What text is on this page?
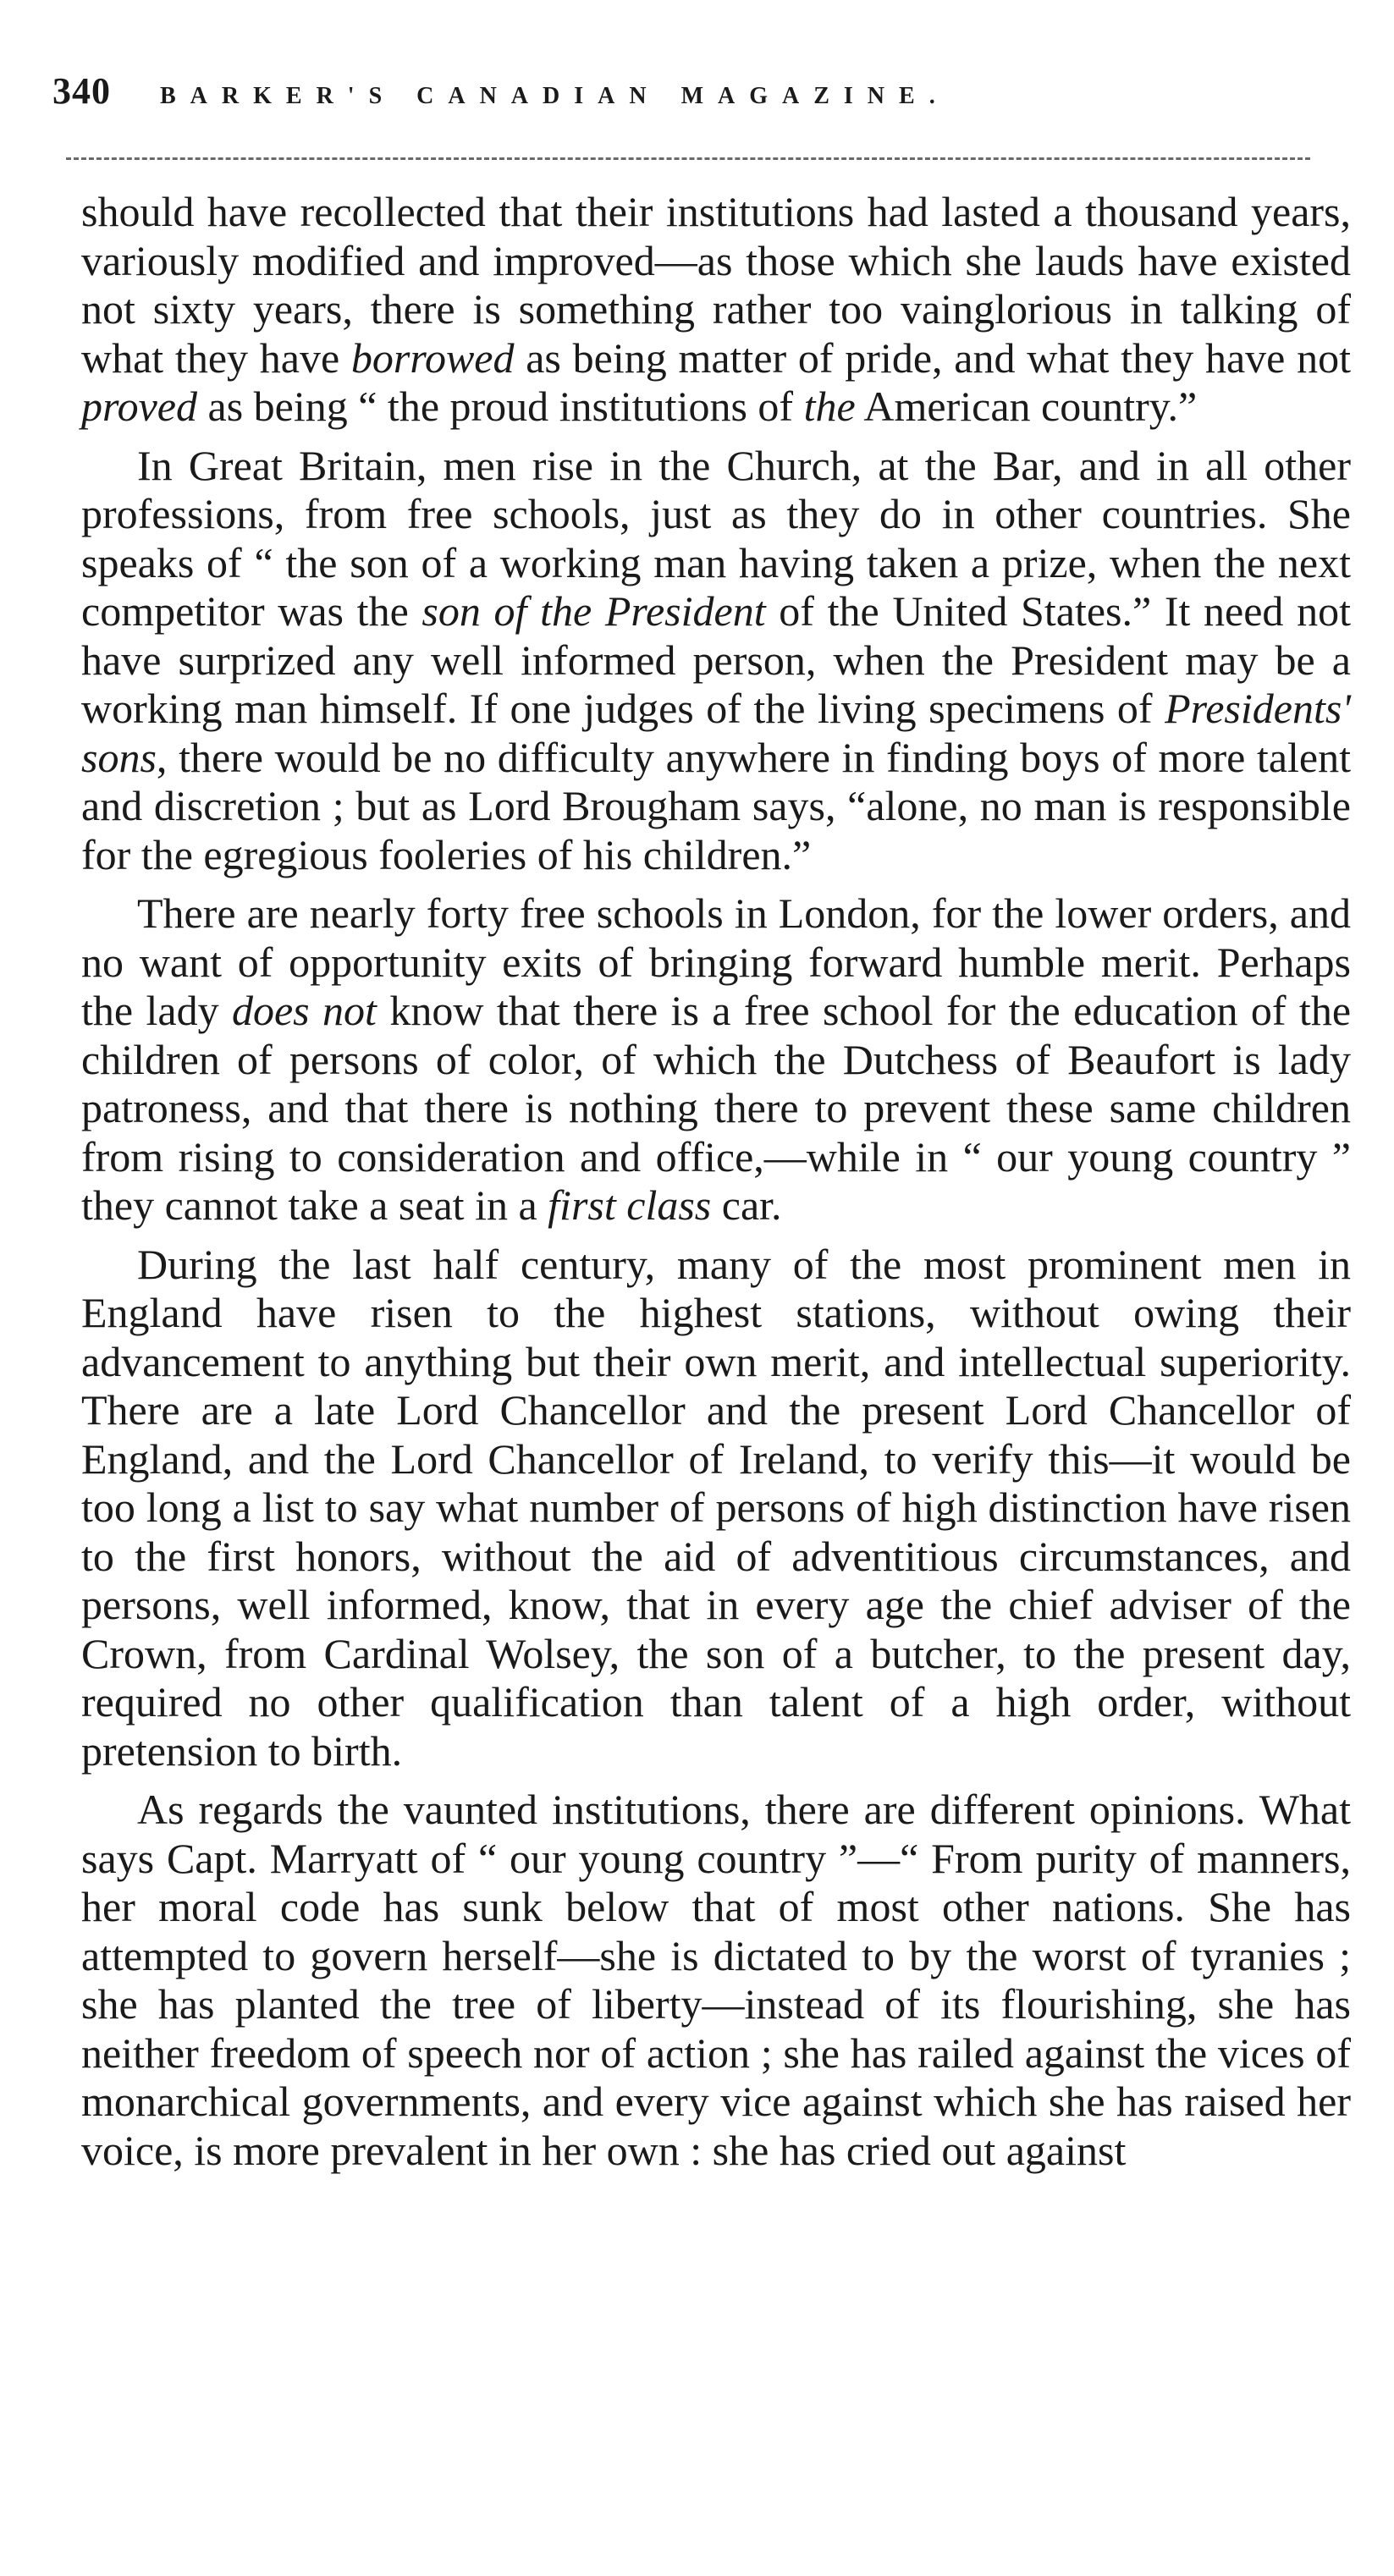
340 BARKER'S CANADIAN MAGAZINE.

should have recollected that their institutions had lasted a thousand years, variously modified and improved—as those which she lauds have existed not sixty years, there is something rather too vainglorious in talking of what they have borrowed as being matter of pride, and what they have not proved as being “ the proud institutions of the American country.”

In Great Britain, men rise in the Church, at the Bar, and in all other professions, from free schools, just as they do in other countries. She speaks of “ the son of a working man having taken a prize, when the next competitor was the son of the President of the United States.” It need not have surprized any well informed person, when the President may be a working man himself. If one judges of the living specimens of Presidents' sons, there would be no difficulty anywhere in finding boys of more talent and discretion ; but as Lord Brougham says, “alone, no man is responsible for the egregious fooleries of his children.”

There are nearly forty free schools in London, for the lower orders, and no want of opportunity exits of bringing forward humble merit. Perhaps the lady does not know that there is a free school for the education of the children of persons of color, of which the Dutchess of Beaufort is lady patroness, and that there is nothing there to prevent these same children from rising to consideration and office,—while in “ our young country ” they cannot take a seat in a first class car.

During the last half century, many of the most prominent men in England have risen to the highest stations, without owing their advancement to anything but their own merit, and intellectual superiority. There are a late Lord Chancellor and the present Lord Chancellor of England, and the Lord Chancellor of Ireland, to verify this—it would be too long a list to say what number of persons of high distinction have risen to the first honors, without the aid of adventitious circumstances, and persons, well informed, know, that in every age the chief adviser of the Crown, from Cardinal Wolsey, the son of a butcher, to the present day, required no other qualification than talent of a high order, without pretension to birth.

As regards the vaunted institutions, there are different opinions. What says Capt. Marryatt of “ our young country ”—“ From purity of manners, her moral code has sunk below that of most other nations. She has attempted to govern herself—she is dictated to by the worst of tyranies ; she has planted the tree of liberty—instead of its flourishing, she has neither freedom of speech nor of action ; she has railed against the vices of monarchical governments, and every vice against which she has raised her voice, is more prevalent in her own : she has cried out against
